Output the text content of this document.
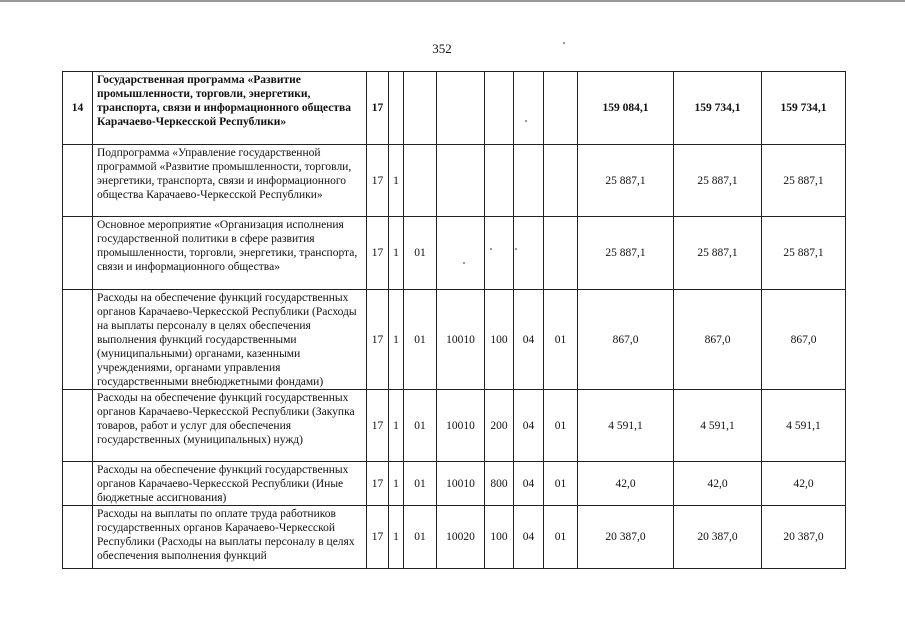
352
14	Государственная программа «Развитие промышленности, торговли, энергетики, транспорта, связи и информационного общества Карачаево-Черкесской Республики»	17							159 084,1	159 734,1	159 734,1
	Подпрограмма «Управление государственной программой «Развитие промышленности, торговли, энергетики, транспорта, связи и информационного общества Карачаево-Черкесской Республики»	17	1						25 887,1	25 887,1	25 887,1
	Основное мероприятие «Организация исполнения государственной политики в сфере развития промышленности, торговли, энергетики, транспорта, связи и информационного общества»	17	1	01					25 887,1	25 887,1	25 887,1
	Расходы на обеспечение функций государственных органов Карачаево-Черкесской Республики (Расходы на выплаты персоналу в целях обеспечения выполнения функций государственными (муниципальными) органами, казенными учреждениями, органами управления государственными внебюджетными фондами)	17	1	01	10010	100	04	01	867,0	867,0	867,0
	Расходы на обеспечение функций государственных органов Карачаево-Черкесской Республики (Закупка товаров, работ и услуг для обеспечения государственных (муниципальных) нужд)	17	1	01	10010	200	04	01	4 591,1	4 591,1	4 591,1
	Расходы на обеспечение функций государственных органов Карачаево-Черкесской Республики (Иные бюджетные ассигнования)	17	1	01	10010	800	04	01	42,0	42,0	42,0
	Расходы на выплаты по оплате труда работников государственных органов Карачаево-Черкесской Республики (Расходы на выплаты персоналу в целях обеспечения выполнения функций	17	1	01	10020	100	04	01	20 387,0	20 387,0	20 387,0
